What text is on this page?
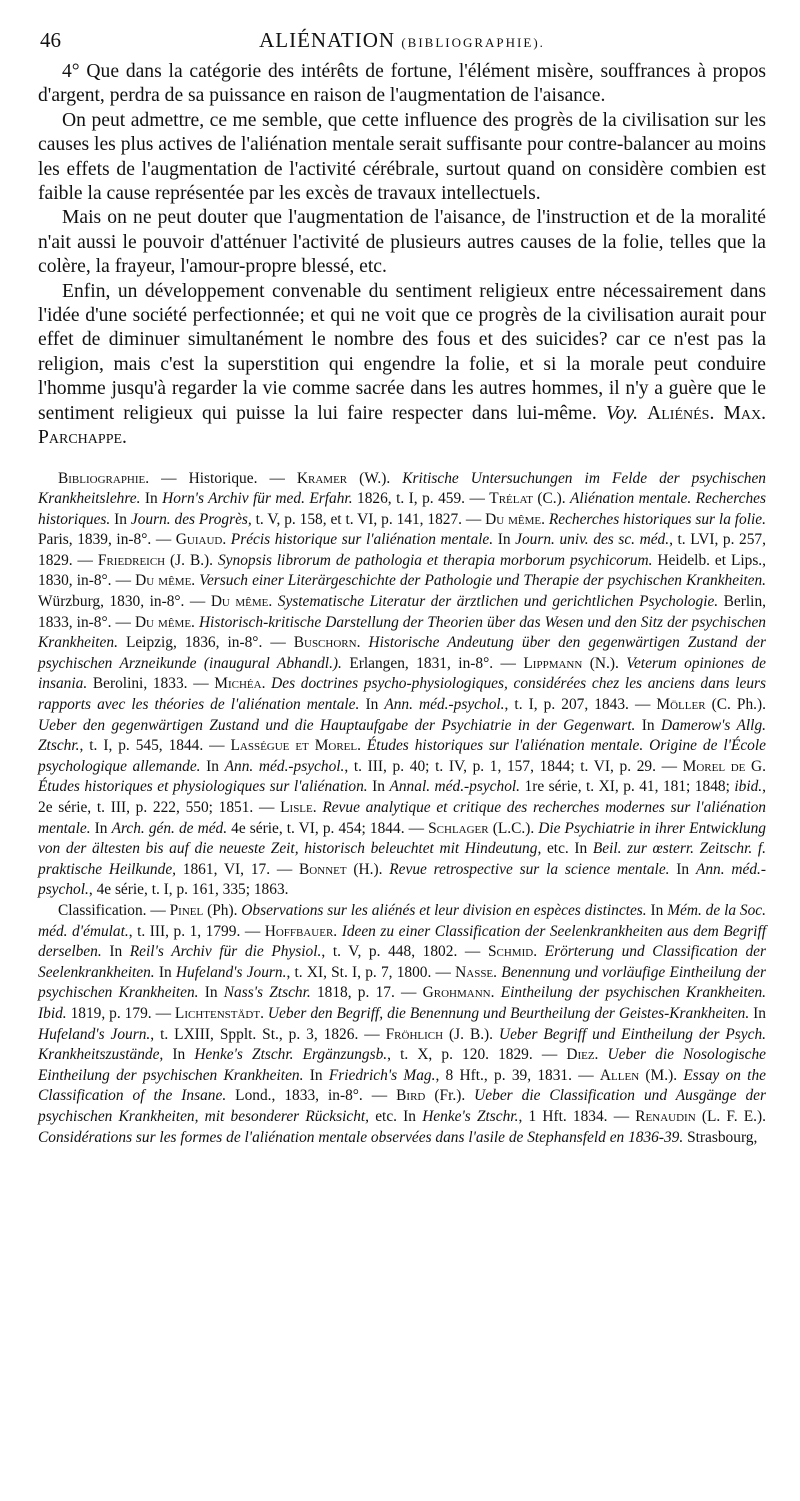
46	ALIÉNATION (BIBLIOGRAPHIE).

4° Que dans la catégorie des intérêts de fortune, l'élément misère, souffrances à propos d'argent, perdra de sa puissance en raison de l'augmentation de l'aisance.

On peut admettre, ce me semble, que cette influence des progrès de la civilisation sur les causes les plus actives de l'aliénation mentale serait suffisante pour contre-balancer au moins les effets de l'augmentation de l'activité cérébrale, surtout quand on considère combien est faible la cause représentée par les excès de travaux intellectuels.

Mais on ne peut douter que l'augmentation de l'aisance, de l'instruction et de la moralité n'ait aussi le pouvoir d'atténuer l'activité de plusieurs autres causes de la folie, telles que la colère, la frayeur, l'amour-propre blessé, etc.

Enfin, un développement convenable du sentiment religieux entre nécessairement dans l'idée d'une société perfectionnée; et qui ne voit que ce progrès de la civilisation aurait pour effet de diminuer simultanément le nombre des fous et des suicides? car ce n'est pas la religion, mais c'est la superstition qui engendre la folie, et si la morale peut conduire l'homme jusqu'à regarder la vie comme sacrée dans les autres hommes, il n'y a guère que le sentiment religieux qui puisse la lui faire respecter dans lui-même. Voy. Aliénés. Max. Parchappe.

Bibliographie. — Historique. — Kramer (W.). Kritische Untersuchungen im Felde der psychischen Krankheitslehre. In Horn's Archiv für med. Erfahr. 1826, t. I, p. 459. — Trélat (C.). Aliénation mentale. Recherches historiques. In Journ. des Progrès, t. V, p. 158, et t. VI, p. 141, 1827. — Du même. Recherches historiques sur la folie. Paris, 1839, in-8°. — Guiaud. Précis historique sur l'aliénation mentale. In Journ. univ. des sc. méd., t. LVI, p. 257, 1829. — Friedreich (J. B.). Synopsis librorum de pathologia et therapia morborum psychicorum. Heidelb. et Lips., 1830, in-8°. — Du même. Versuch einer Literärgeschichte der Pathologie und Therapie der psychischen Krankheiten. Würzburg, 1830, in-8°. — Du même. Systematische Literatur der ärztlichen und gerichtlichen Psychologie. Berlin, 1833, in-8°. — Du même. Historisch-kritische Darstellung der Theorien über das Wesen und den Sitz der psychischen Krankheiten. Leipzig, 1836, in-8°. — Buschorn. Historische Andeutung über den gegenwärtigen Zustand der psychischen Arzneikunde (inaugural Abhandl.). Erlangen, 1831, in-8°. — Lippmann (N.). Veterum opiniones de insania. Berolini, 1833. — Michéa. Des doctrines psycho-physiologiques, considérées chez les anciens dans leurs rapports avec les théories de l'aliénation mentale. In Ann. méd.-psychol., t. I, p. 207, 1843. — Möller (C. Ph.). Ueber den gegenwärtigen Zustand und die Hauptaufgabe der Psychiatrie in der Gegenwart. In Damerow's Allg. Ztschr., t. I, p. 545, 1844. — Lasségue et Morel. Études historiques sur l'aliénation mentale. Origine de l'École psychologique allemande. In Ann. méd.-psychol., t. III, p. 40; t. IV, p. 1, 157, 1844; t. VI, p. 29. — Morel de G. Études historiques et physiologiques sur l'aliénation. In Annal. méd.-psychol. 1re série, t. XI, p. 41, 181; 1848; ibid., 2e série, t. III, p. 222, 550; 1851. — Lisle. Revue analytique et critique des recherches modernes sur l'aliénation mentale. In Arch. gén. de méd. 4e série, t. VI, p. 454; 1844. — Schlager (L.C.). Die Psychiatrie in ihrer Entwicklung von der ältesten bis auf die neueste Zeit, historisch beleuchtet mit Hindeutung, etc. In Beil. zur œsterr. Zeitschr. f. praktische Heilkunde, 1861, VI, 17. — Bonnet (H.). Revue retrospective sur la science mentale. In Ann. méd.-psychol., 4e série, t. I, p. 161, 335; 1863.

Classification. — Pinel (Ph). Observations sur les aliénés et leur division en espèces distinctes. In Mém. de la Soc. méd. d'émulat., t. III, p. 1, 1799. — Hoffbauer. Ideen zu einer Classification der Seelenkrankheiten aus dem Begriff derselben. In Reil's Archiv für die Physiol., t. V, p. 448, 1802. — Schmid. Erörterung und Classification der Seelenkrankheiten. In Hufeland's Journ., t. XI, St. I, p. 7, 1800. — Nasse. Benennung und vorläufige Eintheilung der psychischen Krankheiten. In Nass's Ztschr. 1818, p. 17. — Grohmann. Eintheilung der psychischen Krankheiten. Ibid. 1819, p. 179. — Lichtenstädt. Ueber den Begriff, die Benennung und Beurtheilung der Geistes-Krankheiten. In Hufeland's Journ., t. LXIII, Spplt. St., p. 3, 1826. — Fröhlich (J. B.). Ueber Begriff und Eintheilung der Psych. Krankheitszustände, In Henke's Ztschr. Ergänzungsb., t. X, p. 120. 1829. — Diez. Ueber die Nosologische Eintheilung der psychischen Krankheiten. In Friedrich's Mag., 8 Hft., p. 39, 1831. — Allen (M.). Essay on the Classification of the Insane. Lond., 1833, in-8°. — Bird (Fr.). Ueber die Classification und Ausgänge der psychischen Krankheiten, mit besonderer Rücksicht, etc. In Henke's Ztschr., 1 Hft. 1834. — Renaudin (L. F. E.). Considérations sur les formes de l'aliénation mentale observées dans l'asile de Stephansfeld en 1836-39. Strasbourg,
